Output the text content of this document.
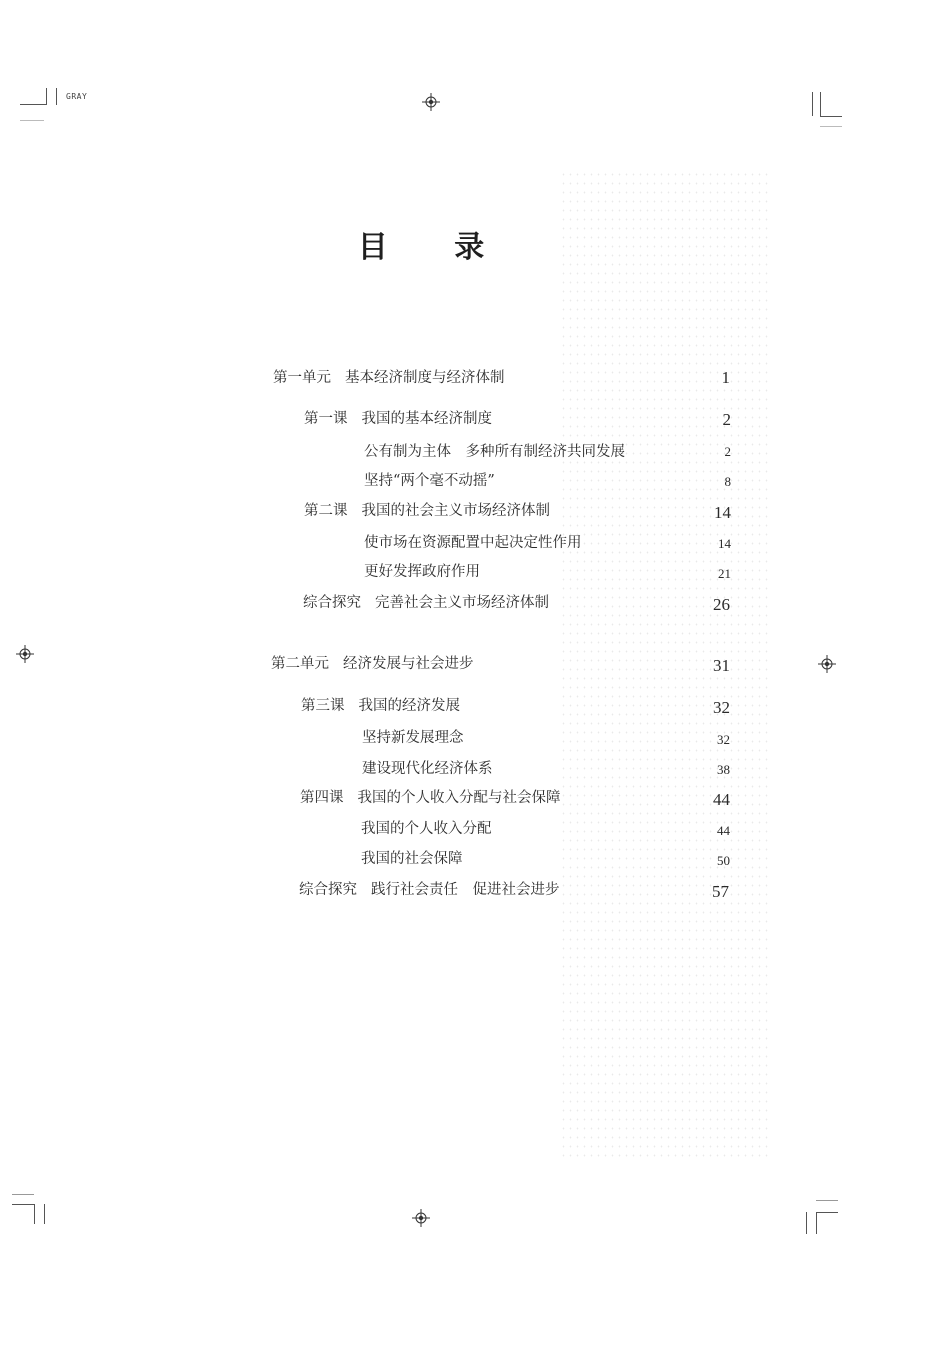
GRAY
目 录
第一单元 基本经济制度与经济体制	1
第一课 我国的基本经济制度	2
公有制为主体　多种所有制经济共同发展	2
坚持“两个毫不动摇”	8
第二课 我国的社会主义市场经济体制	14
使市场在资源配置中起决定性作用	14
更好发挥政府作用	21
综合探究 完善社会主义市场经济体制	26
第二单元 经济发展与社会进步	31
第三课 我国的经济发展	32
坚持新发展理念	32
建设现代化经济体系	38
第四课 我国的个人收入分配与社会保障	44
我国的个人收入分配	44
我国的社会保障	50
综合探究 践行社会责任　促进社会进步	57
